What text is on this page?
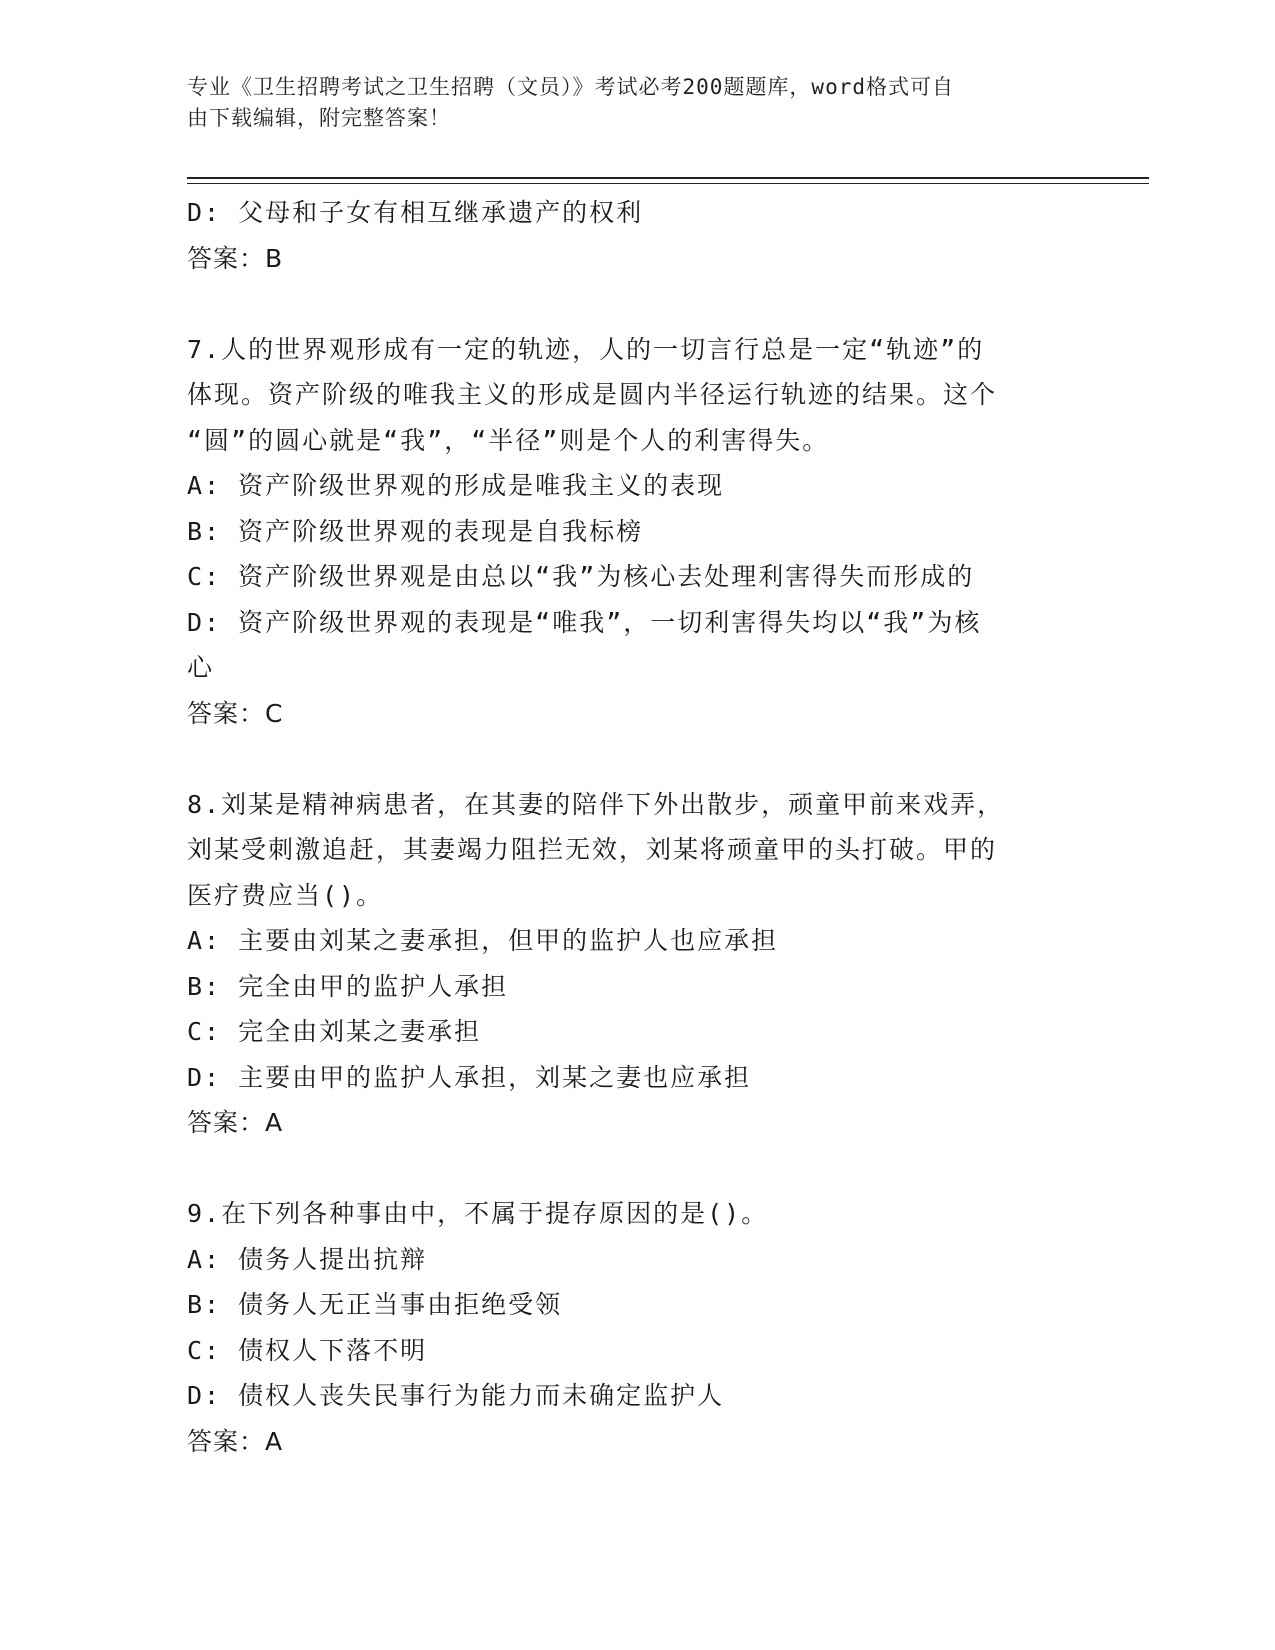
专业《卫生招聘考试之卫生招聘（文员）》考试必考200题题库，word格式可自
由下载编辑，附完整答案！
D: 父母和子女有相互继承遗产的权利
答案：B
7.人的世界观形成有一定的轨迹，人的一切言行总是一定“轨迹”的
体现。资产阶级的唯我主义的形成是圆内半径运行轨迹的结果。这个
“圆”的圆心就是“我”，“半径”则是个人的利害得失。
A: 资产阶级世界观的形成是唯我主义的表现
B: 资产阶级世界观的表现是自我标榜
C: 资产阶级世界观是由总以“我”为核心去处理利害得失而形成的
D: 资产阶级世界观的表现是“唯我”，一切利害得失均以“我”为核
心
答案：C
8.刘某是精神病患者，在其妻的陪伴下外出散步，顽童甲前来戏弄，
刘某受刺激追赶，其妻竭力阻拦无效，刘某将顽童甲的头打破。甲的
医疗费应当()。
A: 主要由刘某之妻承担，但甲的监护人也应承担
B: 完全由甲的监护人承担
C: 完全由刘某之妻承担
D: 主要由甲的监护人承担，刘某之妻也应承担
答案：A
9.在下列各种事由中，不属于提存原因的是()。
A: 债务人提出抗辩
B: 债务人无正当事由拒绝受领
C: 债权人下落不明
D: 债权人丧失民事行为能力而未确定监护人
答案：A
